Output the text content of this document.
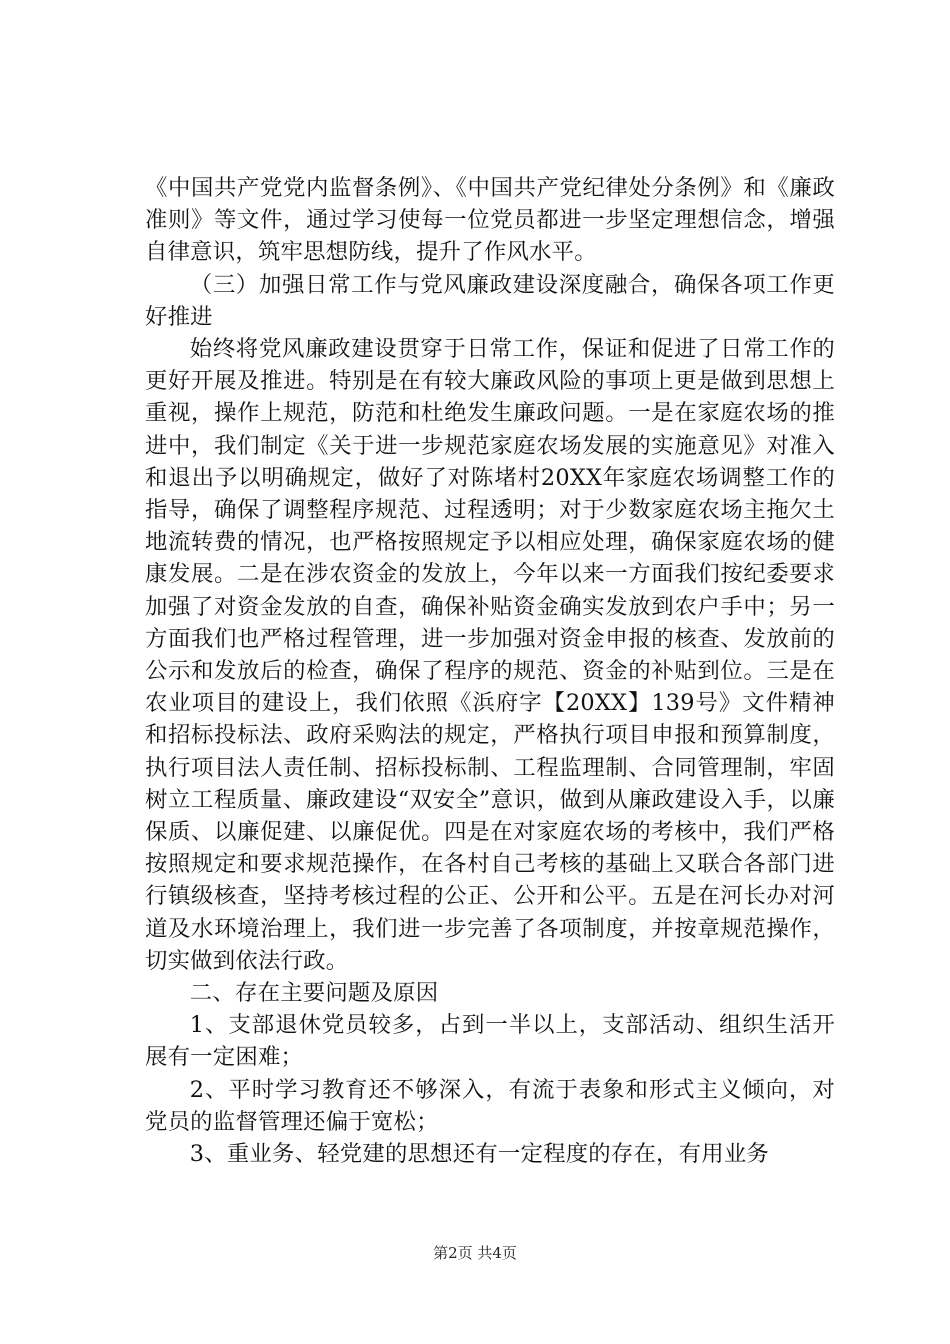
《中国共产党党内监督条例》、《中国共产党纪律处分条例》和《廉政准则》等文件，通过学习使每一位党员都进一步坚定理想信念，增强自律意识，筑牢思想防线，提升了作风水平。

（三）加强日常工作与党风廉政建设深度融合，确保各项工作更好推进

始终将党风廉政建设贯穿于日常工作，保证和促进了日常工作的更好开展及推进。特别是在有较大廉政风险的事项上更是做到思想上重视，操作上规范，防范和杜绝发生廉政问题。一是在家庭农场的推进中，我们制定《关于进一步规范家庭农场发展的实施意见》对准入和退出予以明确规定，做好了对陈堵村20XX年家庭农场调整工作的指导，确保了调整程序规范、过程透明；对于少数家庭农场主拖欠土地流转费的情况，也严格按照规定予以相应处理，确保家庭农场的健康发展。二是在涉农资金的发放上，今年以来一方面我们按纪委要求加强了对资金发放的自查，确保补贴资金确实发放到农户手中；另一方面我们也严格过程管理，进一步加强对资金申报的核查、发放前的公示和发放后的检查，确保了程序的规范、资金的补贴到位。三是在农业项目的建设上，我们依照《浜府字【20XX】139号》文件精神和招标投标法、政府采购法的规定，严格执行项目申报和预算制度，执行项目法人责任制、招标投标制、工程监理制、合同管理制，牢固树立工程质量、廉政建设“双安全”意识，做到从廉政建设入手，以廉保质、以廉促建、以廉促优。四是在对家庭农场的考核中，我们严格按照规定和要求规范操作，在各村自己考核的基础上又联合各部门进行镇级核查，坚持考核过程的公正、公开和公平。五是在河长办对河道及水环境治理上，我们进一步完善了各项制度，并按章规范操作，切实做到依法行政。

二、存在主要问题及原因

1、支部退休党员较多，占到一半以上，支部活动、组织生活开展有一定困难；

2、平时学习教育还不够深入，有流于表象和形式主义倾向，对党员的监督管理还偏于宽松；

3、重业务、轻党建的思想还有一定程度的存在，有用业务

第2页 共4页
